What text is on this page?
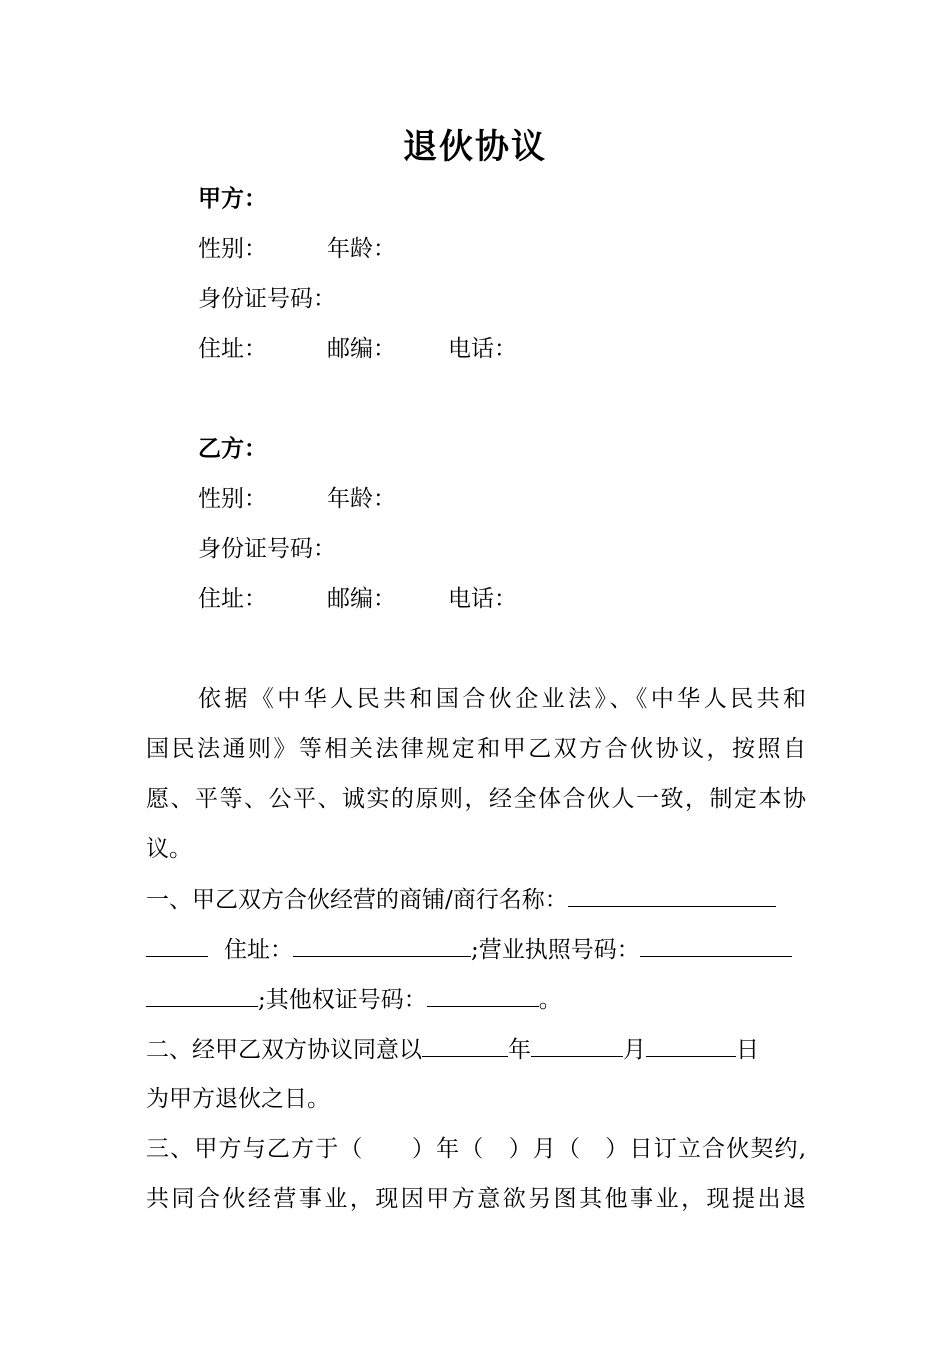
退伙协议
甲方：
性别：	年龄：
身份证号码：
住址：	邮编： 电话：
乙方：
性别：	年龄：
身份证号码：
住址：	邮编： 电话：
依据《中华人民共和国合伙企业法》、《中华人民共和
国民法通则》等相关法律规定和甲乙双方合伙协议，按照自
愿、平等、公平、诚实的原则，经全体合伙人一致，制定本协
议。
一、甲乙双方合伙经营的商铺/商行名称：
住址：	;营业执照号码：
;其他权证号码：	。
二、经甲乙双方协议同意以	年	月	日
为甲方退伙之日。
三、甲方与乙方于（　　）年（　）月（　）日订立合伙契约,
共同合伙经营事业，现因甲方意欲另图其他事业，现提出退
